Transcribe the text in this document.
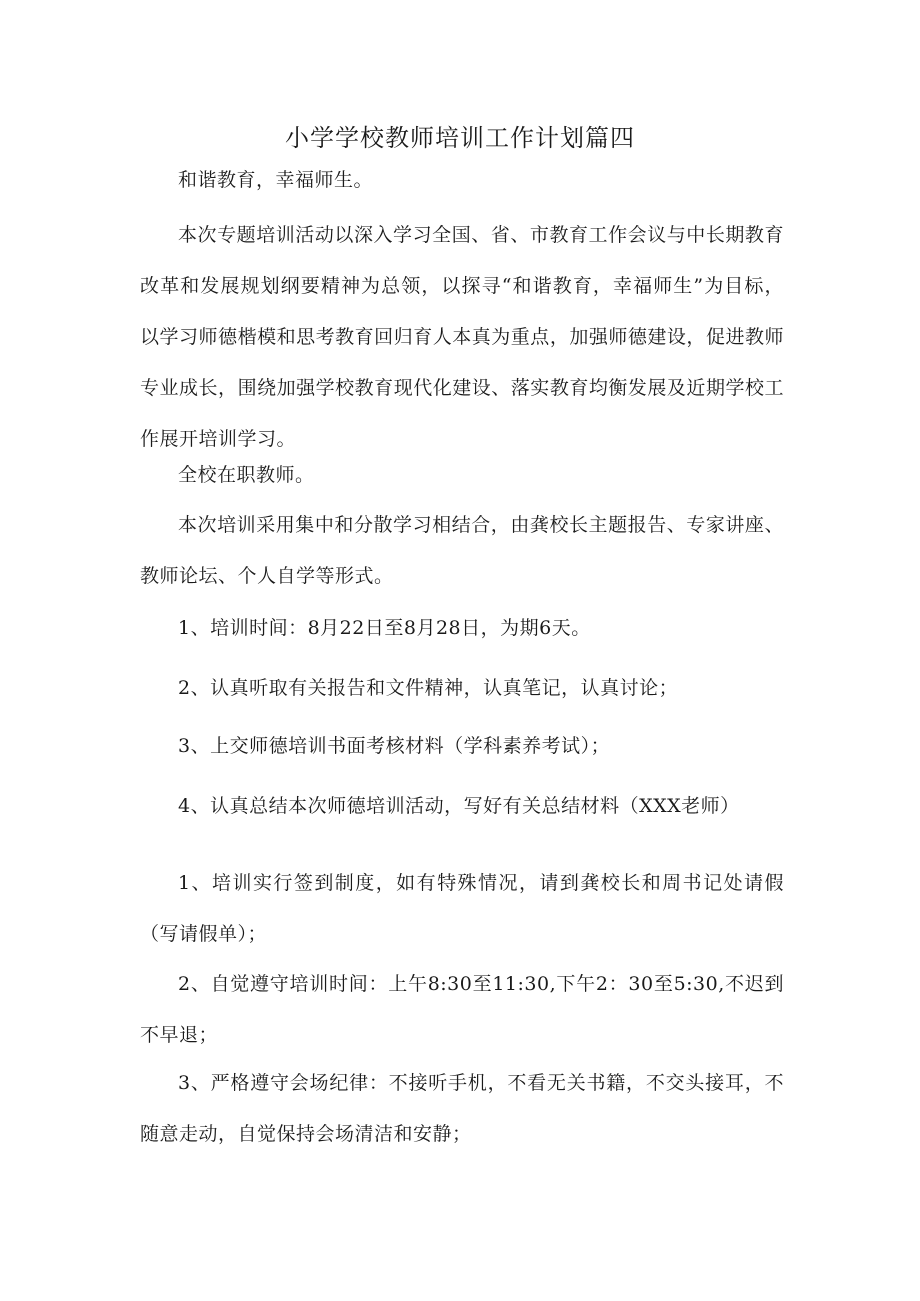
小学学校教师培训工作计划篇四

和谐教育，幸福师生。

本次专题培训活动以深入学习全国、省、市教育工作会议与中长期教育改革和发展规划纲要精神为总领，以探寻“和谐教育，幸福师生”为目标，以学习师德楷模和思考教育回归育人本真为重点，加强师德建设，促进教师专业成长，围绕加强学校教育现代化建设、落实教育均衡发展及近期学校工作展开培训学习。

全校在职教师。

本次培训采用集中和分散学习相结合，由龚校长主题报告、专家讲座、教师论坛、个人自学等形式。

1、培训时间：8月22日至8月28日，为期6天。

2、认真听取有关报告和文件精神，认真笔记，认真讨论；

3、上交师德培训书面考核材料（学科素养考试）；

4、认真总结本次师德培训活动，写好有关总结材料（XXX老师）

1、培训实行签到制度，如有特殊情况，请到龚校长和周书记处请假（写请假单）；

2、自觉遵守培训时间：上午8:30至11:30,下午2：30至5:30,不迟到不早退；

3、严格遵守会场纪律：不接听手机，不看无关书籍，不交头接耳，不随意走动，自觉保持会场清洁和安静；
